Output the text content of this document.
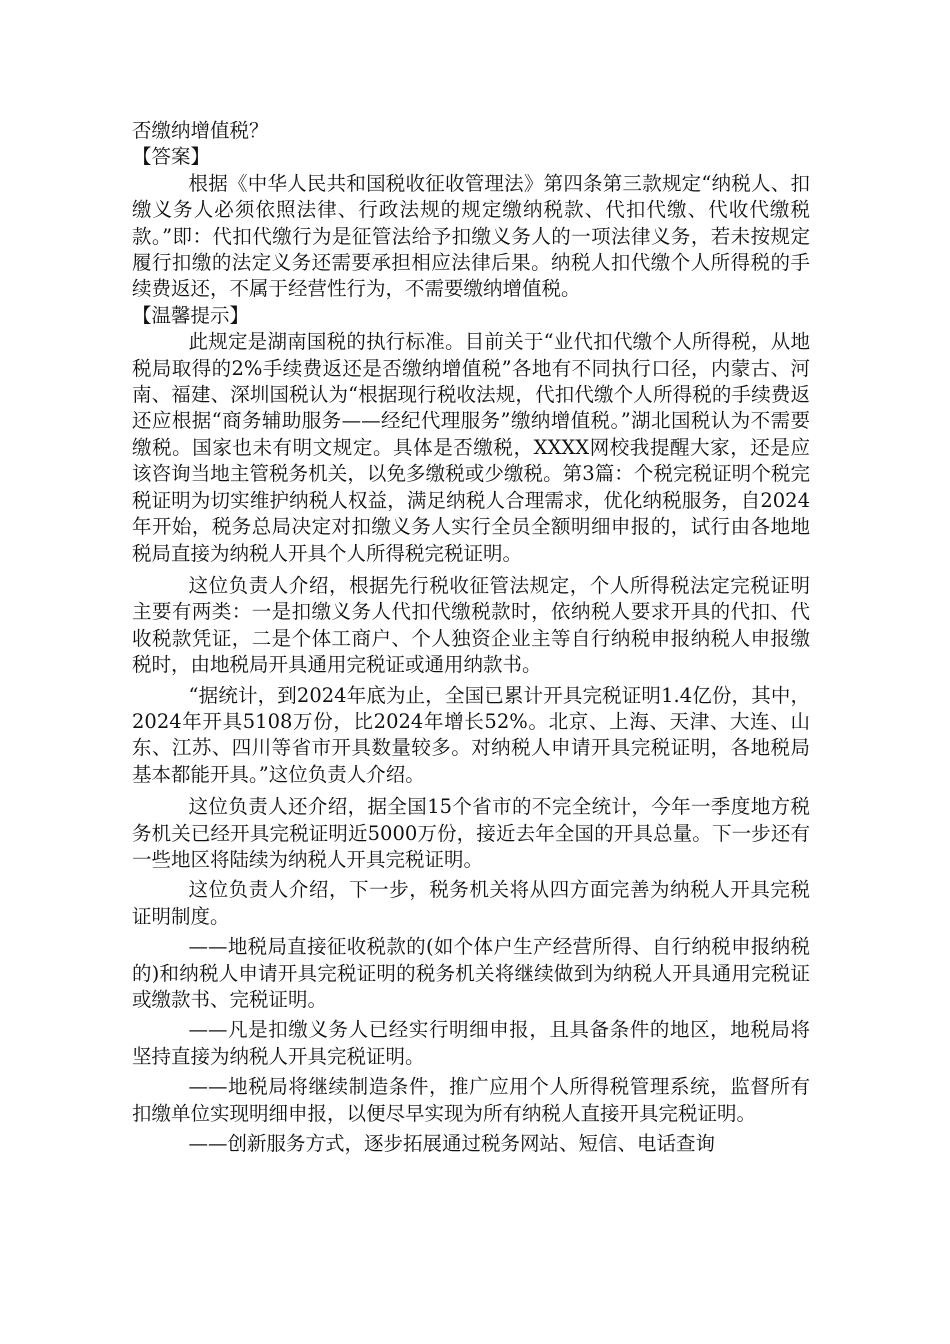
否缴纳增值税？

【答案】

根据《中华人民共和国税收征收管理法》第四条第三款规定“纳税人、扣缴义务人必须依照法律、行政法规的规定缴纳税款、代扣代缴、代收代缴税款。”即：代扣代缴行为是征管法给予扣缴义务人的一项法律义务，若未按规定履行扣缴的法定义务还需要承担相应法律后果。纳税人扣代缴个人所得税的手续费返还，不属于经营性行为，不需要缴纳增值税。

【温馨提示】

此规定是湖南国税的执行标准。目前关于“业代扣代缴个人所得税，从地税局取得的2%手续费返还是否缴纳增值税”各地有不同执行口径，内蒙古、河南、福建、深圳国税认为“根据现行税收法规，代扣代缴个人所得税的手续费返还应根据“商务辅助服务——经纪代理服务”缴纳增值税。”湖北国税认为不需要缴税。国家也未有明文规定。具体是否缴税，XXXX网校我提醒大家，还是应该咨询当地主管税务机关，以免多缴税或少缴税。第3篇：个税完税证明个税完税证明为切实维护纳税人权益，满足纳税人合理需求，优化纳税服务，自2024年开始，税务总局决定对扣缴义务人实行全员全额明细申报的，试行由各地地税局直接为纳税人开具个人所得税完税证明。

这位负责人介绍，根据先行税收征管法规定，个人所得税法定完税证明主要有两类：一是扣缴义务人代扣代缴税款时，依纳税人要求开具的代扣、代收税款凭证，二是个体工商户、个人独资企业主等自行纳税申报纳税人申报缴税时，由地税局开具通用完税证或通用纳款书。

“据统计，到2024年底为止，全国已累计开具完税证明1.4亿份，其中，2024年开具5108万份，比2024年增长52%。北京、上海、天津、大连、山东、江苏、四川等省市开具数量较多。对纳税人申请开具完税证明，各地税局基本都能开具。”这位负责人介绍。

这位负责人还介绍，据全国15个省市的不完全统计，今年一季度地方税务机关已经开具完税证明近5000万份，接近去年全国的开具总量。下一步还有一些地区将陆续为纳税人开具完税证明。

这位负责人介绍，下一步，税务机关将从四方面完善为纳税人开具完税证明制度。

——地税局直接征收税款的(如个体户生产经营所得、自行纳税申报纳税的)和纳税人申请开具完税证明的税务机关将继续做到为纳税人开具通用完税证或缴款书、完税证明。

——凡是扣缴义务人已经实行明细申报，且具备条件的地区，地税局将坚持直接为纳税人开具完税证明。

——地税局将继续制造条件，推广应用个人所得税管理系统，监督所有扣缴单位实现明细申报，以便尽早实现为所有纳税人直接开具完税证明。

——创新服务方式，逐步拓展通过税务网站、短信、电话查询
